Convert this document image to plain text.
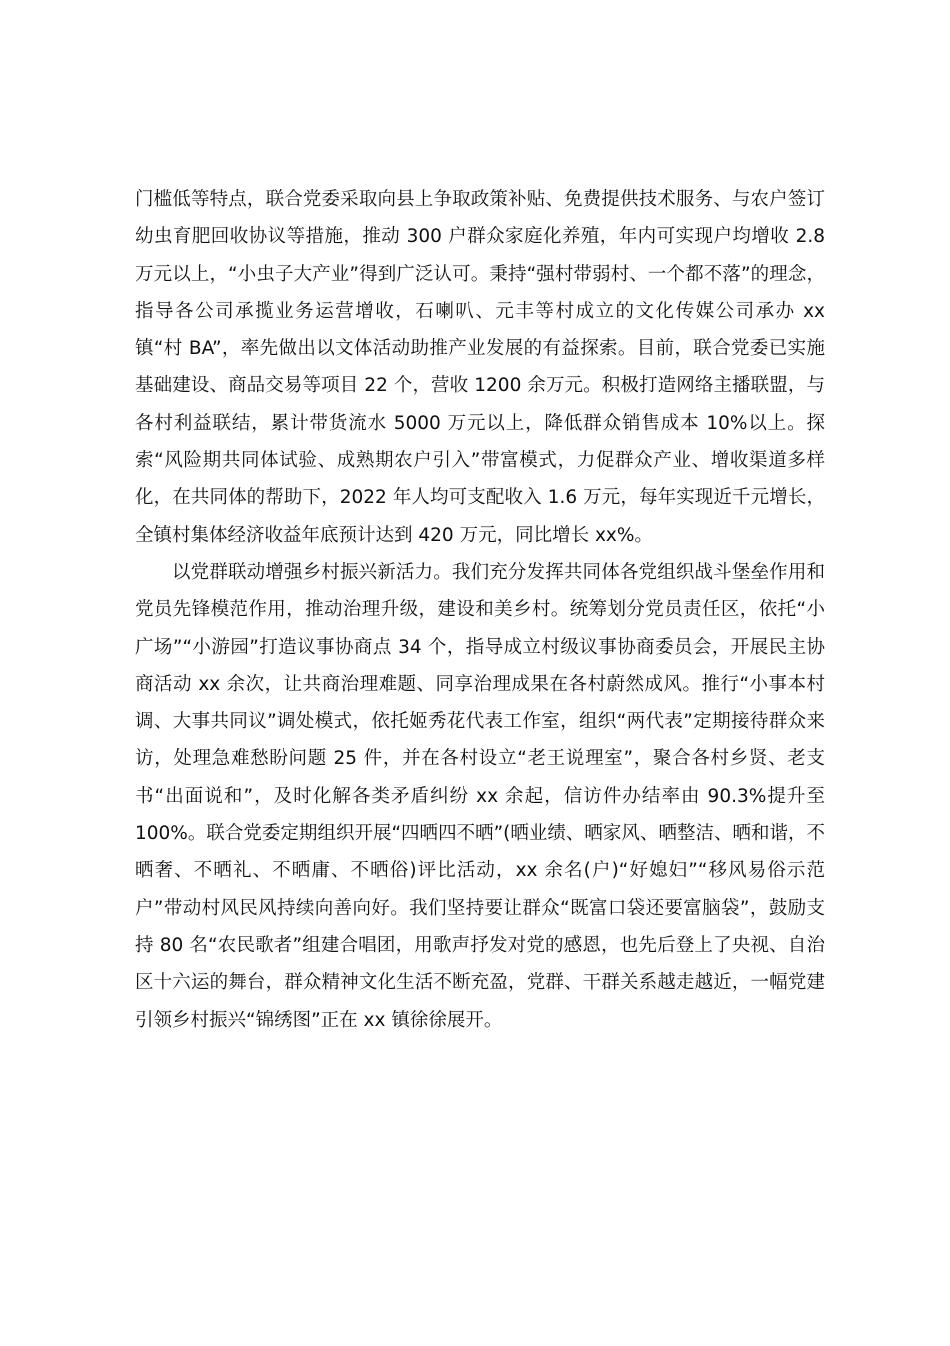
门槛低等特点，联合党委采取向县上争取政策补贴、免费提供技术服务、与农户签订幼虫育肥回收协议等措施，推动 300 户群众家庭化养殖，年内可实现户均增收 2.8 万元以上，“小虫子大产业”得到广泛认可。秉持“强村带弱村、一个都不落”的理念，指导各公司承揽业务运营增收，石喇叭、元丰等村成立的文化传媒公司承办 xx 镇“村 BA”，率先做出以文体活动助推产业发展的有益探索。目前，联合党委已实施基础建设、商品交易等项目 22 个，营收 1200 余万元。积极打造网络主播联盟，与各村利益联结，累计带货流水 5000 万元以上，降低群众销售成本 10%以上。探索“风险期共同体试验、成熟期农户引入”带富模式，力促群众产业、增收渠道多样化，在共同体的帮助下，2022 年人均可支配收入 1.6 万元，每年实现近千元增长，全镇村集体经济收益年底预计达到 420 万元，同比增长 xx%。

以党群联动增强乡村振兴新活力。我们充分发挥共同体各党组织战斗堡垒作用和党员先锋模范作用，推动治理升级，建设和美乡村。统筹划分党员责任区，依托“小广场”“小游园”打造议事协商点 34 个，指导成立村级议事协商委员会，开展民主协商活动 xx 余次，让共商治理难题、同享治理成果在各村蔚然成风。推行“小事本村调、大事共同议”调处模式，依托姬秀花代表工作室，组织“两代表”定期接待群众来访，处理急难愁盼问题 25 件，并在各村设立“老王说理室”，聚合各村乡贤、老支书“出面说和”，及时化解各类矛盾纠纷 xx 余起，信访件办结率由 90.3%提升至 100%。联合党委定期组织开展“四晒四不晒”(晒业绩、晒家风、晒整洁、晒和谐，不晒奢、不晒礼、不晒庸、不晒俗)评比活动，xx 余名(户)“好媳妇”“移风易俗示范户”带动村风民风持续向善向好。我们坚持要让群众“既富口袋还要富脑袋”，鼓励支持 80 名“农民歌者”组建合唱团，用歌声抒发对党的感恩，也先后登上了央视、自治区十六运的舞台，群众精神文化生活不断充盈，党群、干群关系越走越近，一幅党建引领乡村振兴“锦绣图”正在 xx 镇徐徐展开。
